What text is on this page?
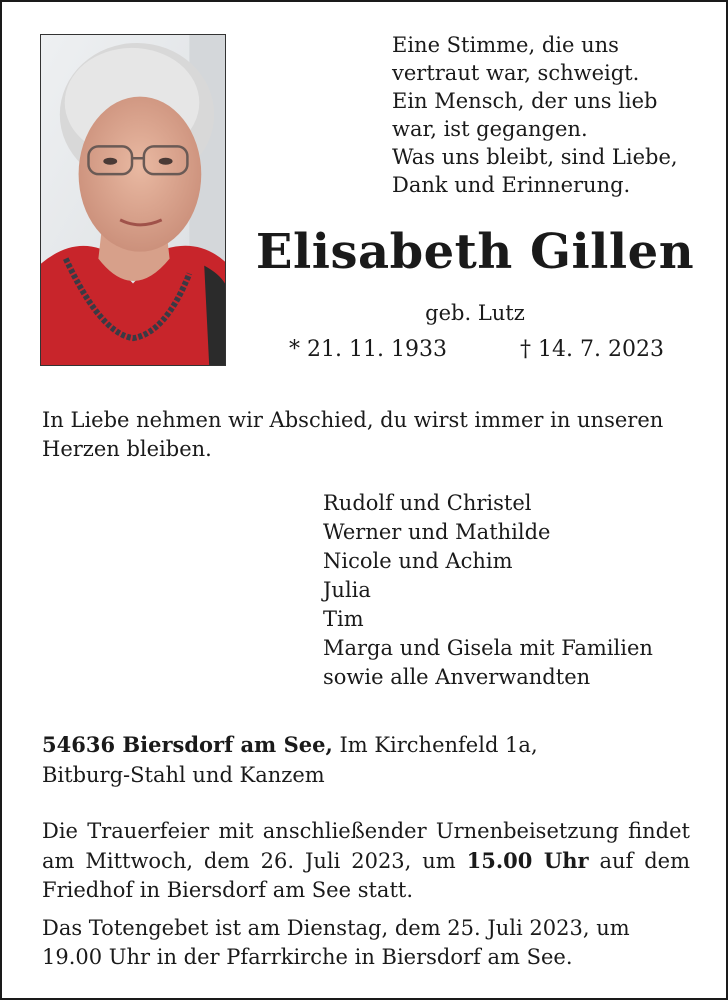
Eine Stimme, die uns
vertraut war, schweigt.
Ein Mensch, der uns lieb
war, ist gegangen.
Was uns bleibt, sind Liebe,
Dank und Erinnerung.
Elisabeth Gillen
geb. Lutz
* 21. 11. 1933	† 14. 7. 2023
In Liebe nehmen wir Abschied, du wirst immer in unseren Herzen bleiben.
Rudolf und Christel
Werner und Mathilde
Nicole und Achim
Julia
Tim
Marga und Gisela mit Familien
sowie alle Anverwandten
54636 Biersdorf am See, Im Kirchenfeld 1a,
Bitburg-Stahl und Kanzem
Die Trauerfeier mit anschließender Urnenbeisetzung findet am Mittwoch, dem 26. Juli 2023, um 15.00 Uhr auf dem Friedhof in Biersdorf am See statt.
Das Totengebet ist am Dienstag, dem 25. Juli 2023, um 19.00 Uhr in der Pfarrkirche in Biersdorf am See.
